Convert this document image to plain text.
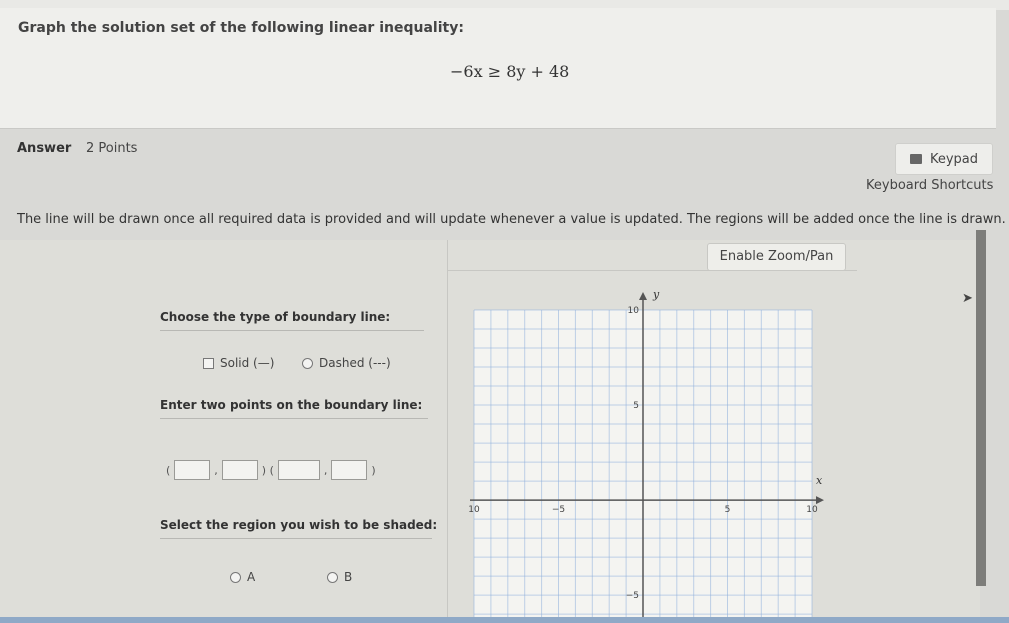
Graph the solution set of the following linear inequality:
−6x ≥ 8y + 48
Answer 2 Points
Keypad
Keyboard Shortcuts
The line will be drawn once all required data is provided and will update whenever a value is updated. The regions will be added once the line is drawn.
Enable Zoom/Pan
Choose the type of boundary line:
Solid (—)	Dashed (---)
Enter two points on the boundary line:
(	,	) (	,	)
Select the region you wish to be shaded:
A	B
x
y
10	−5	5	10
10
5
−5
➤
